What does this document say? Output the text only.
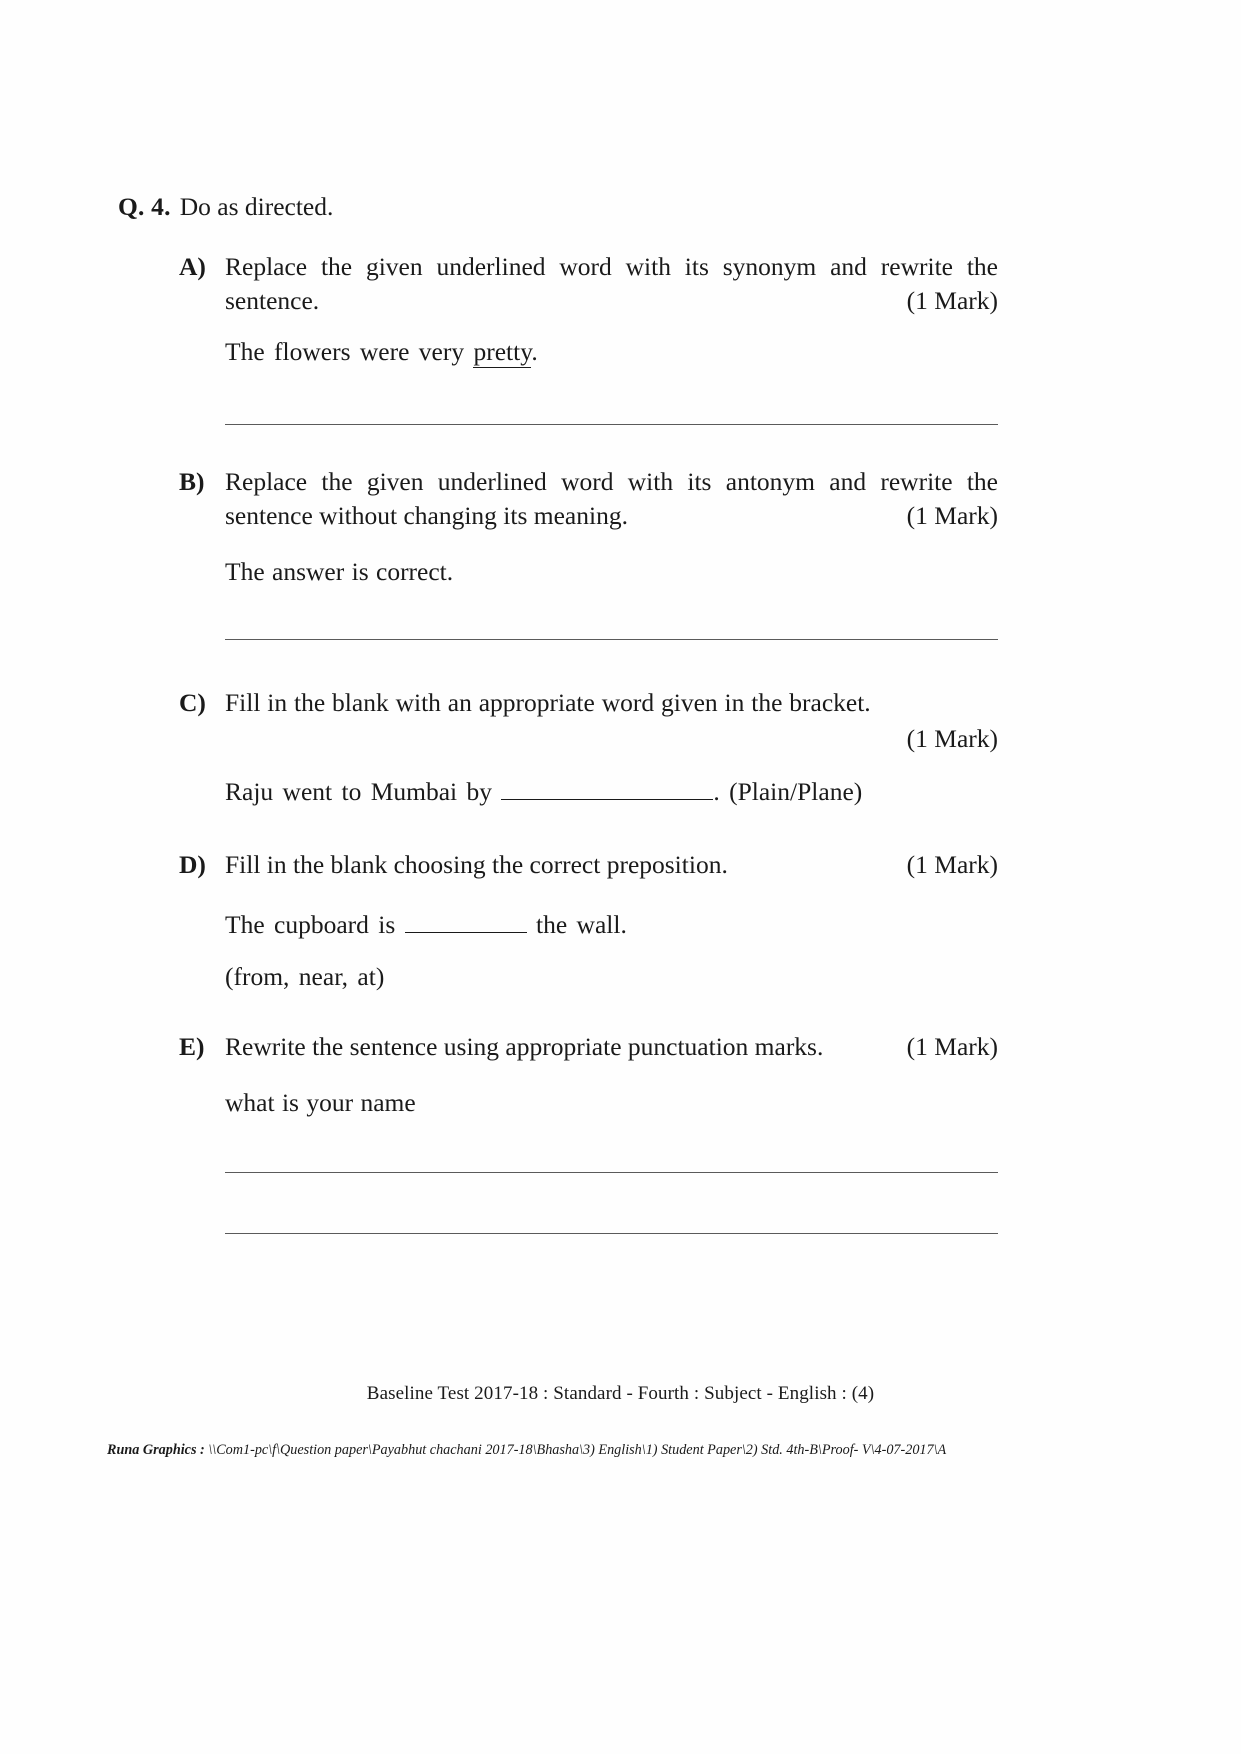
Q. 4. Do as directed.
A) Replace the given underlined word with its synonym and rewrite the
sentence.	(1 Mark)
The flowers were very pretty.
B) Replace the given underlined word with its antonym and rewrite the
sentence without changing its meaning.	(1 Mark)
The answer is correct.
C) Fill in the blank with an appropriate word given in the bracket.
(1 Mark)
Raju went to Mumbai by	. (Plain/Plane)
D) Fill in the blank choosing the correct preposition.	(1 Mark)
The cupboard is	the wall.
(from, near, at)
E) Rewrite the sentence using appropriate punctuation marks.	(1 Mark)
what is your name
Baseline Test 2017-18 : Standard - Fourth : Subject - English : (4)
Runa Graphics : \\Com1-pc\f\Question paper\Payabhut chachani 2017-18\Bhasha\3) English\1) Student Paper\2) Std. 4th-B\Proof- V\4-07-2017\A
